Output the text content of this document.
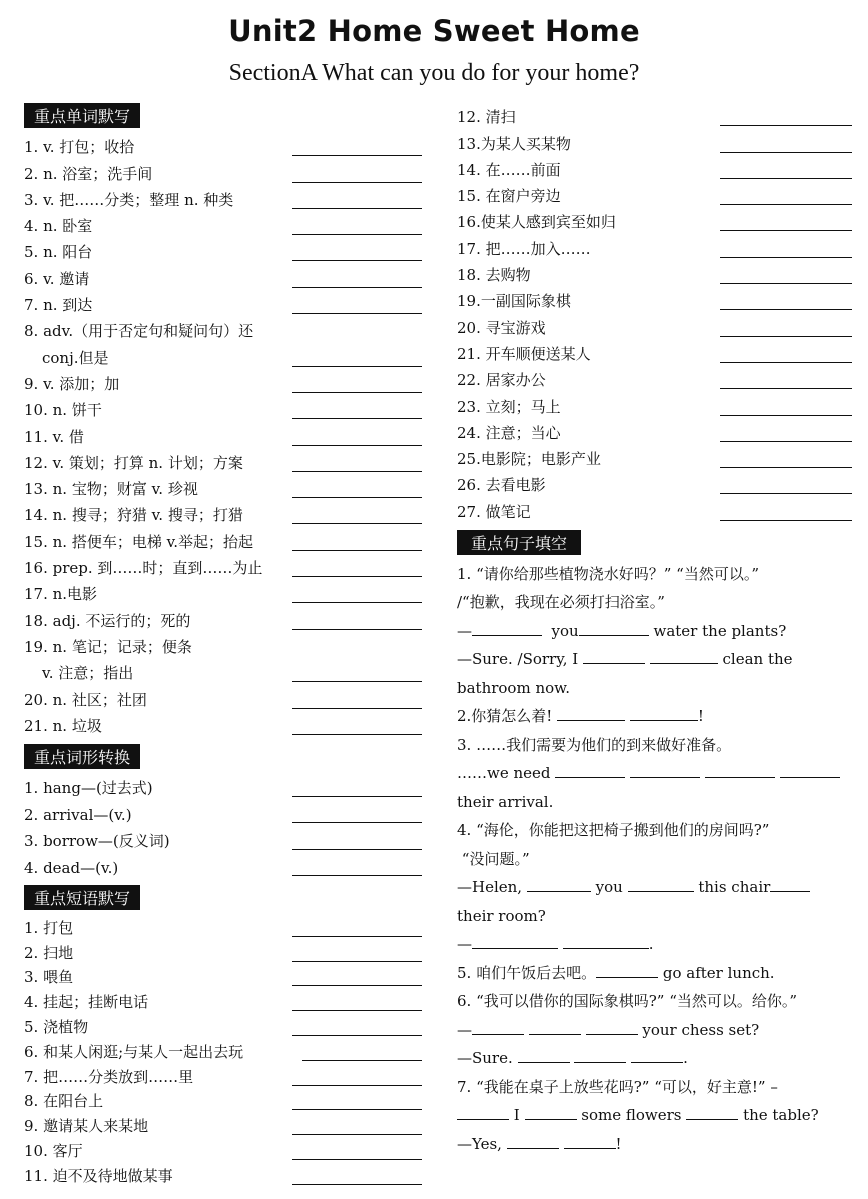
Unit2 Home Sweet Home
SectionA What can you do for your home?
重点单词默写
1. v. 打包；收拾
2. n. 浴室；洗手间
3. v. 把……分类；整理 n. 种类
4. n. 卧室
5. n. 阳台
6. v. 邀请
7. n. 到达
8. adv.（用于否定句和疑问句）还
conj.但是
9. v. 添加；加
10. n. 饼干
11. v. 借
12. v. 策划；打算 n. 计划；方案
13. n. 宝物；财富 v. 珍视
14. n. 搜寻；狩猎 v. 搜寻；打猎
15. n. 搭便车；电梯 v.举起；抬起
16. prep. 到……时；直到……为止
17. n.电影
18. adj. 不运行的；死的
19. n. 笔记；记录；便条
v. 注意；指出
20. n. 社区；社团
21. n. 垃圾
重点词形转换
1. hang—(过去式)
2. arrival—(v.)
3. borrow—(反义词)
4. dead—(v.)
重点短语默写
1. 打包
2. 扫地
3. 喂鱼
4. 挂起；挂断电话
5. 浇植物
6. 和某人闲逛;与某人一起出去玩
7. 把……分类放到……里
8. 在阳台上
9. 邀请某人来某地
10. 客厅
11. 迫不及待地做某事
12. 清扫
13.为某人买某物
14. 在……前面
15. 在窗户旁边
16.使某人感到宾至如归
17. 把……加入……
18. 去购物
19.一副国际象棋
20. 寻宝游戏
21. 开车顺便送某人
22. 居家办公
23. 立刻；马上
24. 注意；当心
25.电影院；电影产业
26. 去看电影
27. 做笔记
重点句子填空

1. “请你给那些植物浇水好吗？” “当然可以。”

/“抱歉，我现在必须打扫浴室。”

—	you	water the plants?

—Sure. /Sorry, I	clean the

bathroom now.

2.你猜怎么着!	!

3. ……我们需要为他们的到来做好准备。

……we need

their arrival.

4. “海伦，你能把这把椅子搬到他们的房间吗?”

“没问题。”

—Helen,	you	this chair

their room?

—	.

5. 咱们午饭后去吧。	go after lunch.

6. “我可以借你的国际象棋吗?” “当然可以。给你。”

—	your chess set?

—Sure.	.

7. “我能在桌子上放些花吗?” “可以，好主意!” –

I	some flowers	the table?

—Yes,	!
